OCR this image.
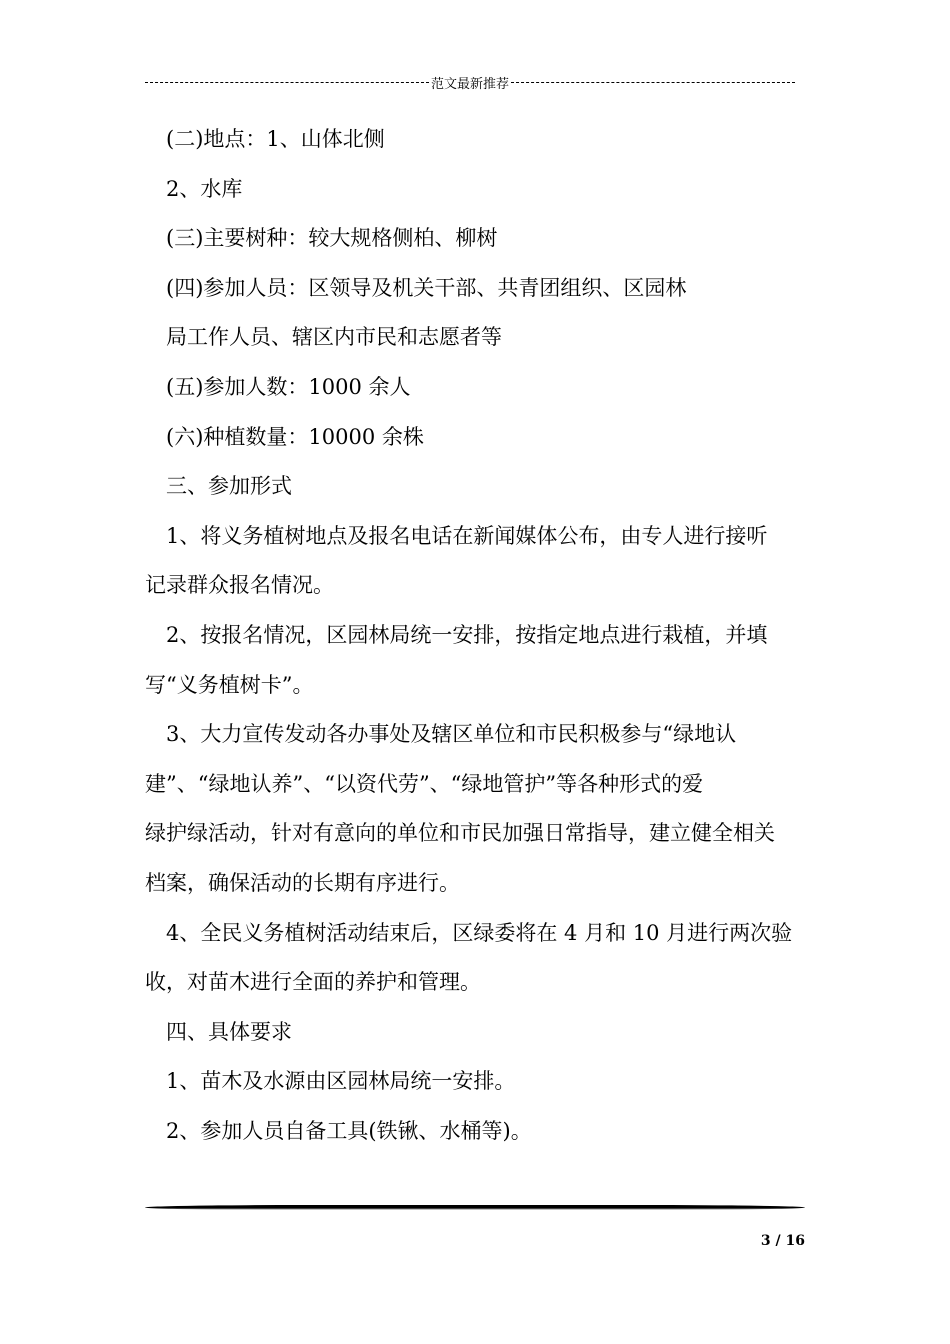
范文最新推荐
(二)地点：1、山体北侧
2、水库
(三)主要树种：较大规格侧柏、柳树
(四)参加人员：区领导及机关干部、共青团组织、区园林
局工作人员、辖区内市民和志愿者等
(五)参加人数：1000 余人
(六)种植数量：10000 余株
三、参加形式
1、将义务植树地点及报名电话在新闻媒体公布，由专人进行接听
记录群众报名情况。
2、按报名情况，区园林局统一安排，按指定地点进行栽植，并填
写“义务植树卡”。
3、大力宣传发动各办事处及辖区单位和市民积极参与“绿地认
建”、“绿地认养”、“以资代劳”、“绿地管护”等各种形式的爱
绿护绿活动，针对有意向的单位和市民加强日常指导，建立健全相关
档案，确保活动的长期有序进行。
4、全民义务植树活动结束后，区绿委将在 4 月和 10 月进行两次验
收，对苗木进行全面的养护和管理。
四、具体要求
1、苗木及水源由区园林局统一安排。
2、参加人员自备工具(铁锹、水桶等)。
3 / 16
